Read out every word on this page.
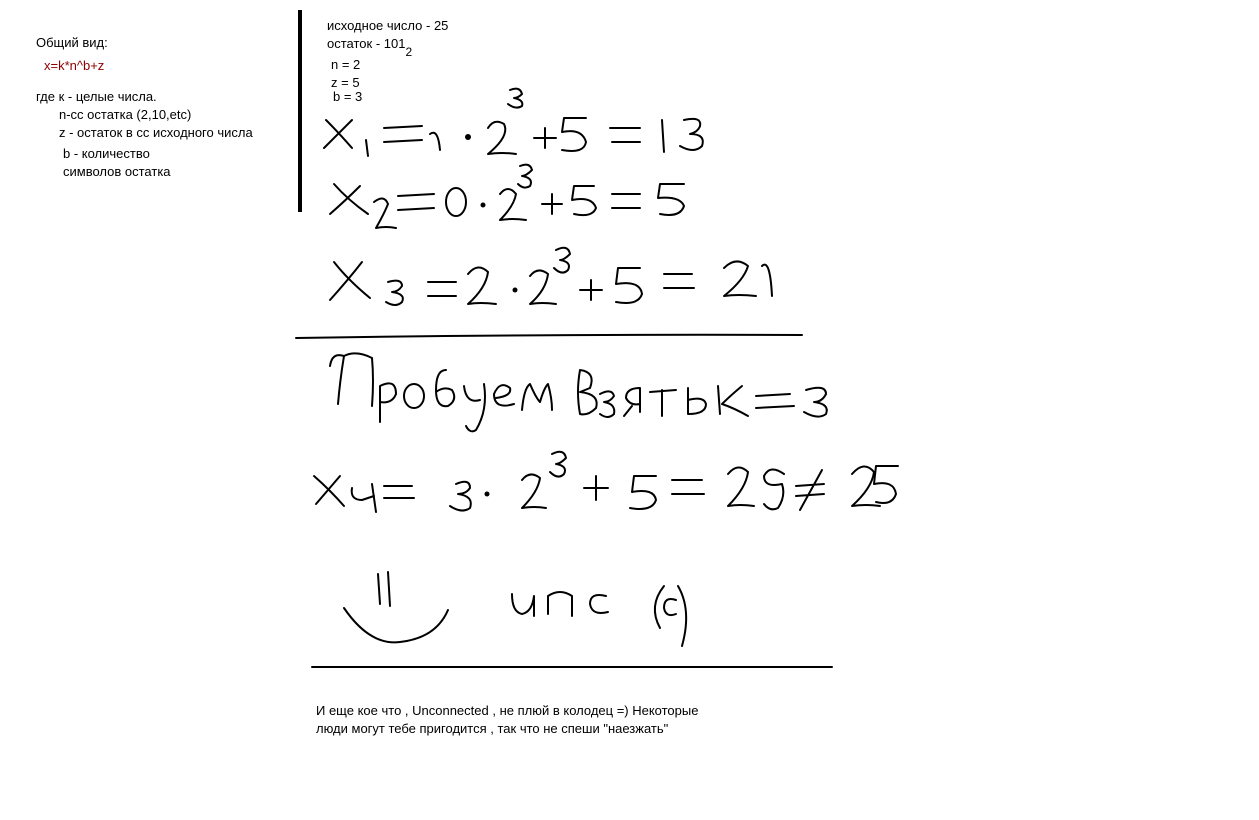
Общий вид:
x=k*n^b+z
где к - целые числа.
n-сс остатка (2,10,etc)
z - остаток в сс исходного числа
b - количество
символов остатка
исходное число - 25
остаток - 1012
n = 2
z = 5
b = 3
И еще кое что , Unconnected , не плюй в колодец =) Некоторые
люди могут тебе пригодится , так что не спеши "наезжать"
